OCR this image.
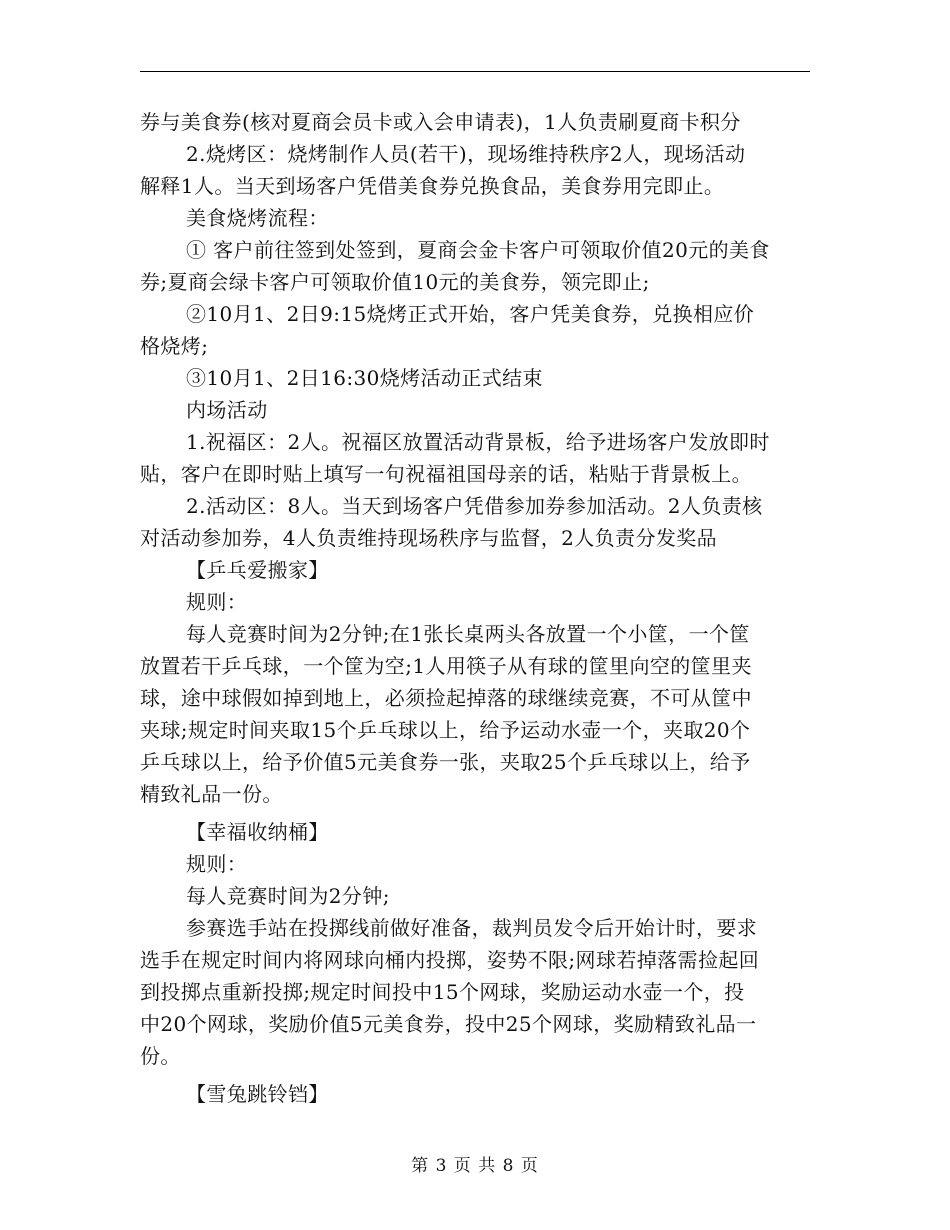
券与美食券(核对夏商会员卡或入会申请表)，1人负责刷夏商卡积分
2.烧烤区：烧烤制作人员(若干)，现场维持秩序2人，现场活动
解释1人。当天到场客户凭借美食券兑换食品，美食券用完即止。
美食烧烤流程：
① 客户前往签到处签到，夏商会金卡客户可领取价值20元的美食
券;夏商会绿卡客户可领取价值10元的美食券，领完即止;
②10月1、2日9:15烧烤正式开始，客户凭美食券，兑换相应价
格烧烤;
③10月1、2日16:30烧烤活动正式结束
内场活动
1.祝福区：2人。祝福区放置活动背景板，给予进场客户发放即时
贴，客户在即时贴上填写一句祝福祖国母亲的话，粘贴于背景板上。
2.活动区：8人。当天到场客户凭借参加券参加活动。2人负责核
对活动参加券，4人负责维持现场秩序与监督，2人负责分发奖品
【乒乓爱搬家】
规则：
每人竞赛时间为2分钟;在1张长桌两头各放置一个小筐，一个筐
放置若干乒乓球，一个筐为空;1人用筷子从有球的筐里向空的筐里夹
球，途中球假如掉到地上，必须捡起掉落的球继续竞赛，不可从筐中
夹球;规定时间夹取15个乒乓球以上，给予运动水壶一个，夹取20个
乒乓球以上，给予价值5元美食券一张，夹取25个乒乓球以上，给予
精致礼品一份。
【幸福收纳桶】
规则：
每人竞赛时间为2分钟;
参赛选手站在投掷线前做好准备，裁判员发令后开始计时，要求
选手在规定时间内将网球向桶内投掷，姿势不限;网球若掉落需捡起回
到投掷点重新投掷;规定时间投中15个网球，奖励运动水壶一个，投
中20个网球，奖励价值5元美食券，投中25个网球，奖励精致礼品一
份。
【雪兔跳铃铛】
第 3 页 共 8 页
